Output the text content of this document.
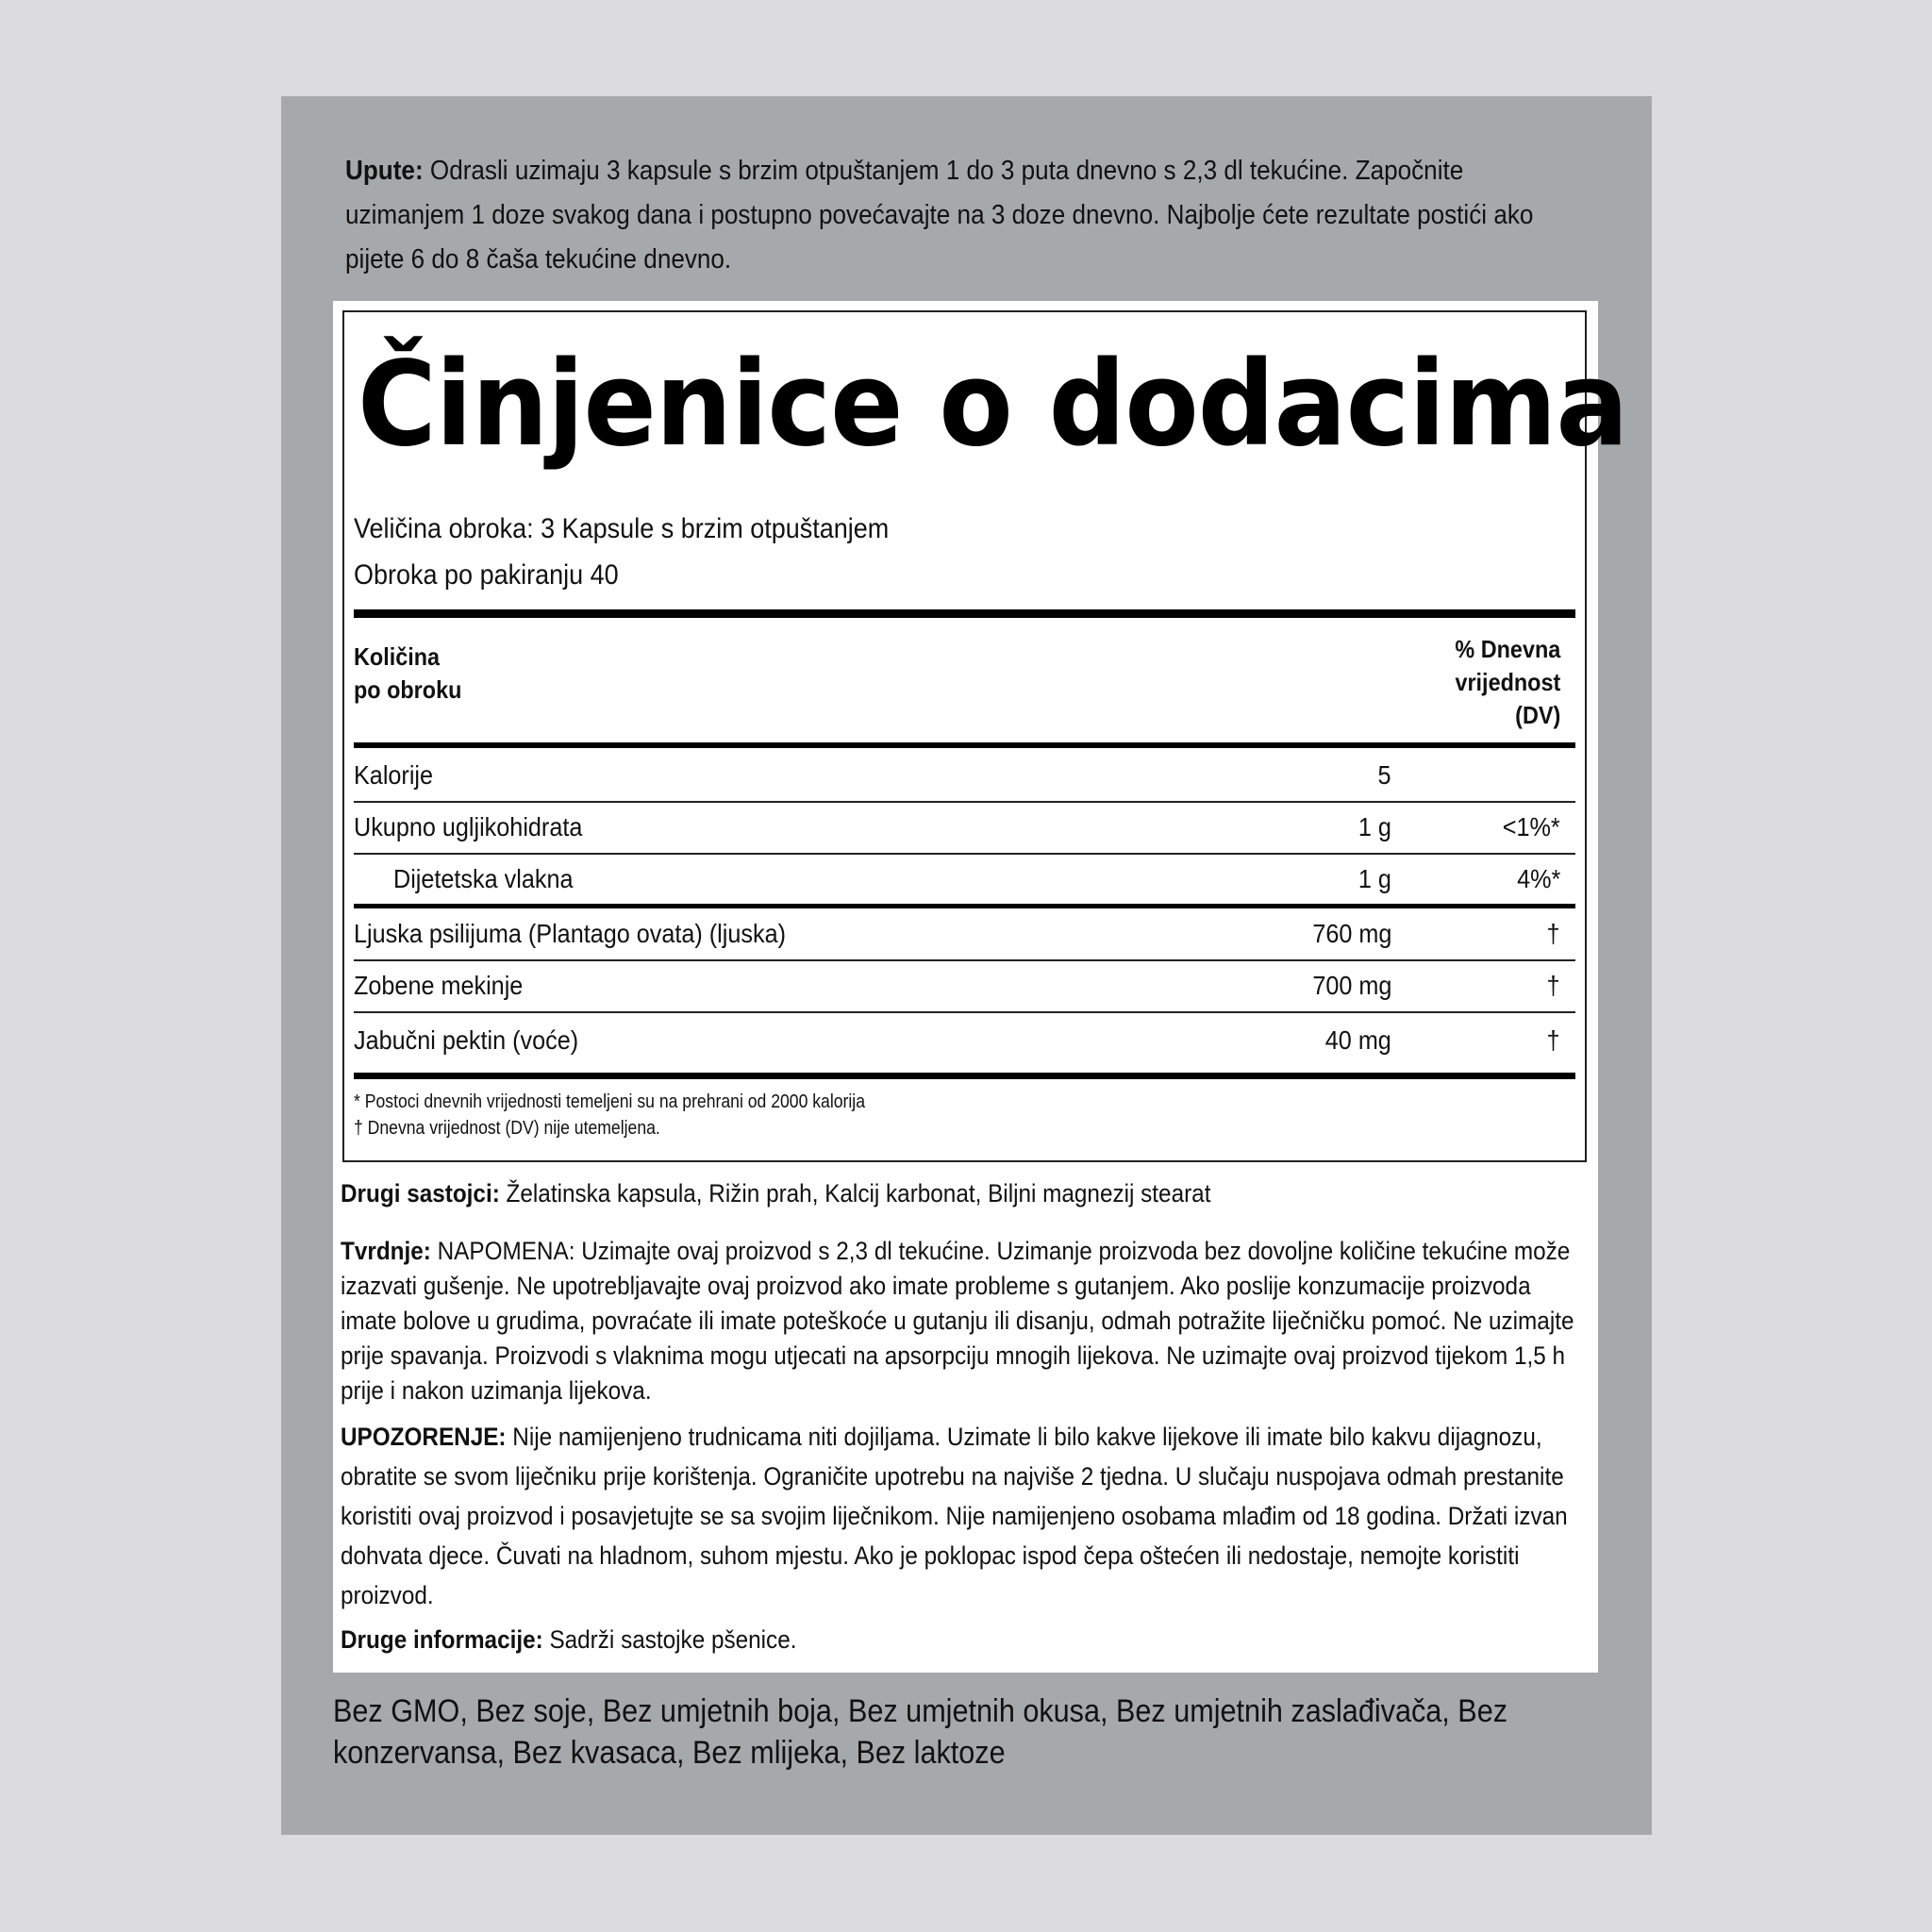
Upute: Odrasli uzimaju 3 kapsule s brzim otpuštanjem 1 do 3 puta dnevno s 2,3 dl tekućine. Započnite uzimanjem 1 doze svakog dana i postupno povećavajte na 3 doze dnevno. Najbolje ćete rezultate postići ako pijete 6 do 8 čaša tekućine dnevno.
Činjenice o dodacima
Veličina obroka: 3 Kapsule s brzim otpuštanjem
Obroka po pakiranju 40
Količina
po obroku
% Dnevna
vrijednost
(DV)
Kalorije	5
Ukupno ugljikohidrata	1 g	<1%*
Dijetetska vlakna	1 g	4%*
Ljuska psilijuma (Plantago ovata) (ljuska)	760 mg	†
Zobene mekinje	700 mg	†
Jabučni pektin (voće)	40 mg	†
* Postoci dnevnih vrijednosti temeljeni su na prehrani od 2000 kalorija
† Dnevna vrijednost (DV) nije utemeljena.
Drugi sastojci: Želatinska kapsula, Rižin prah, Kalcij karbonat, Biljni magnezij stearat
Tvrdnje: NAPOMENA: Uzimajte ovaj proizvod s 2,3 dl tekućine. Uzimanje proizvoda bez dovoljne količine tekućine može izazvati gušenje. Ne upotrebljavajte ovaj proizvod ako imate probleme s gutanjem. Ako poslije konzumacije proizvoda imate bolove u grudima, povraćate ili imate poteškoće u gutanju ili disanju, odmah potražite liječničku pomoć. Ne uzimajte prije spavanja. Proizvodi s vlaknima mogu utjecati na apsorpciju mnogih lijekova. Ne uzimajte ovaj proizvod tijekom 1,5 h prije i nakon uzimanja lijekova.
UPOZORENJE: Nije namijenjeno trudnicama niti dojiljama. Uzimate li bilo kakve lijekove ili imate bilo kakvu dijagnozu, obratite se svom liječniku prije korištenja. Ograničite upotrebu na najviše 2 tjedna. U slučaju nuspojava odmah prestanite koristiti ovaj proizvod i posavjetujte se sa svojim liječnikom. Nije namijenjeno osobama mlađim od 18 godina. Držati izvan dohvata djece. Čuvati na hladnom, suhom mjestu. Ako je poklopac ispod čepa oštećen ili nedostaje, nemojte koristiti proizvod.
Druge informacije: Sadrži sastojke pšenice.
Bez GMO, Bez soje, Bez umjetnih boja, Bez umjetnih okusa, Bez umjetnih zaslađivača, Bez konzervansa, Bez kvasaca, Bez mlijeka, Bez laktoze
